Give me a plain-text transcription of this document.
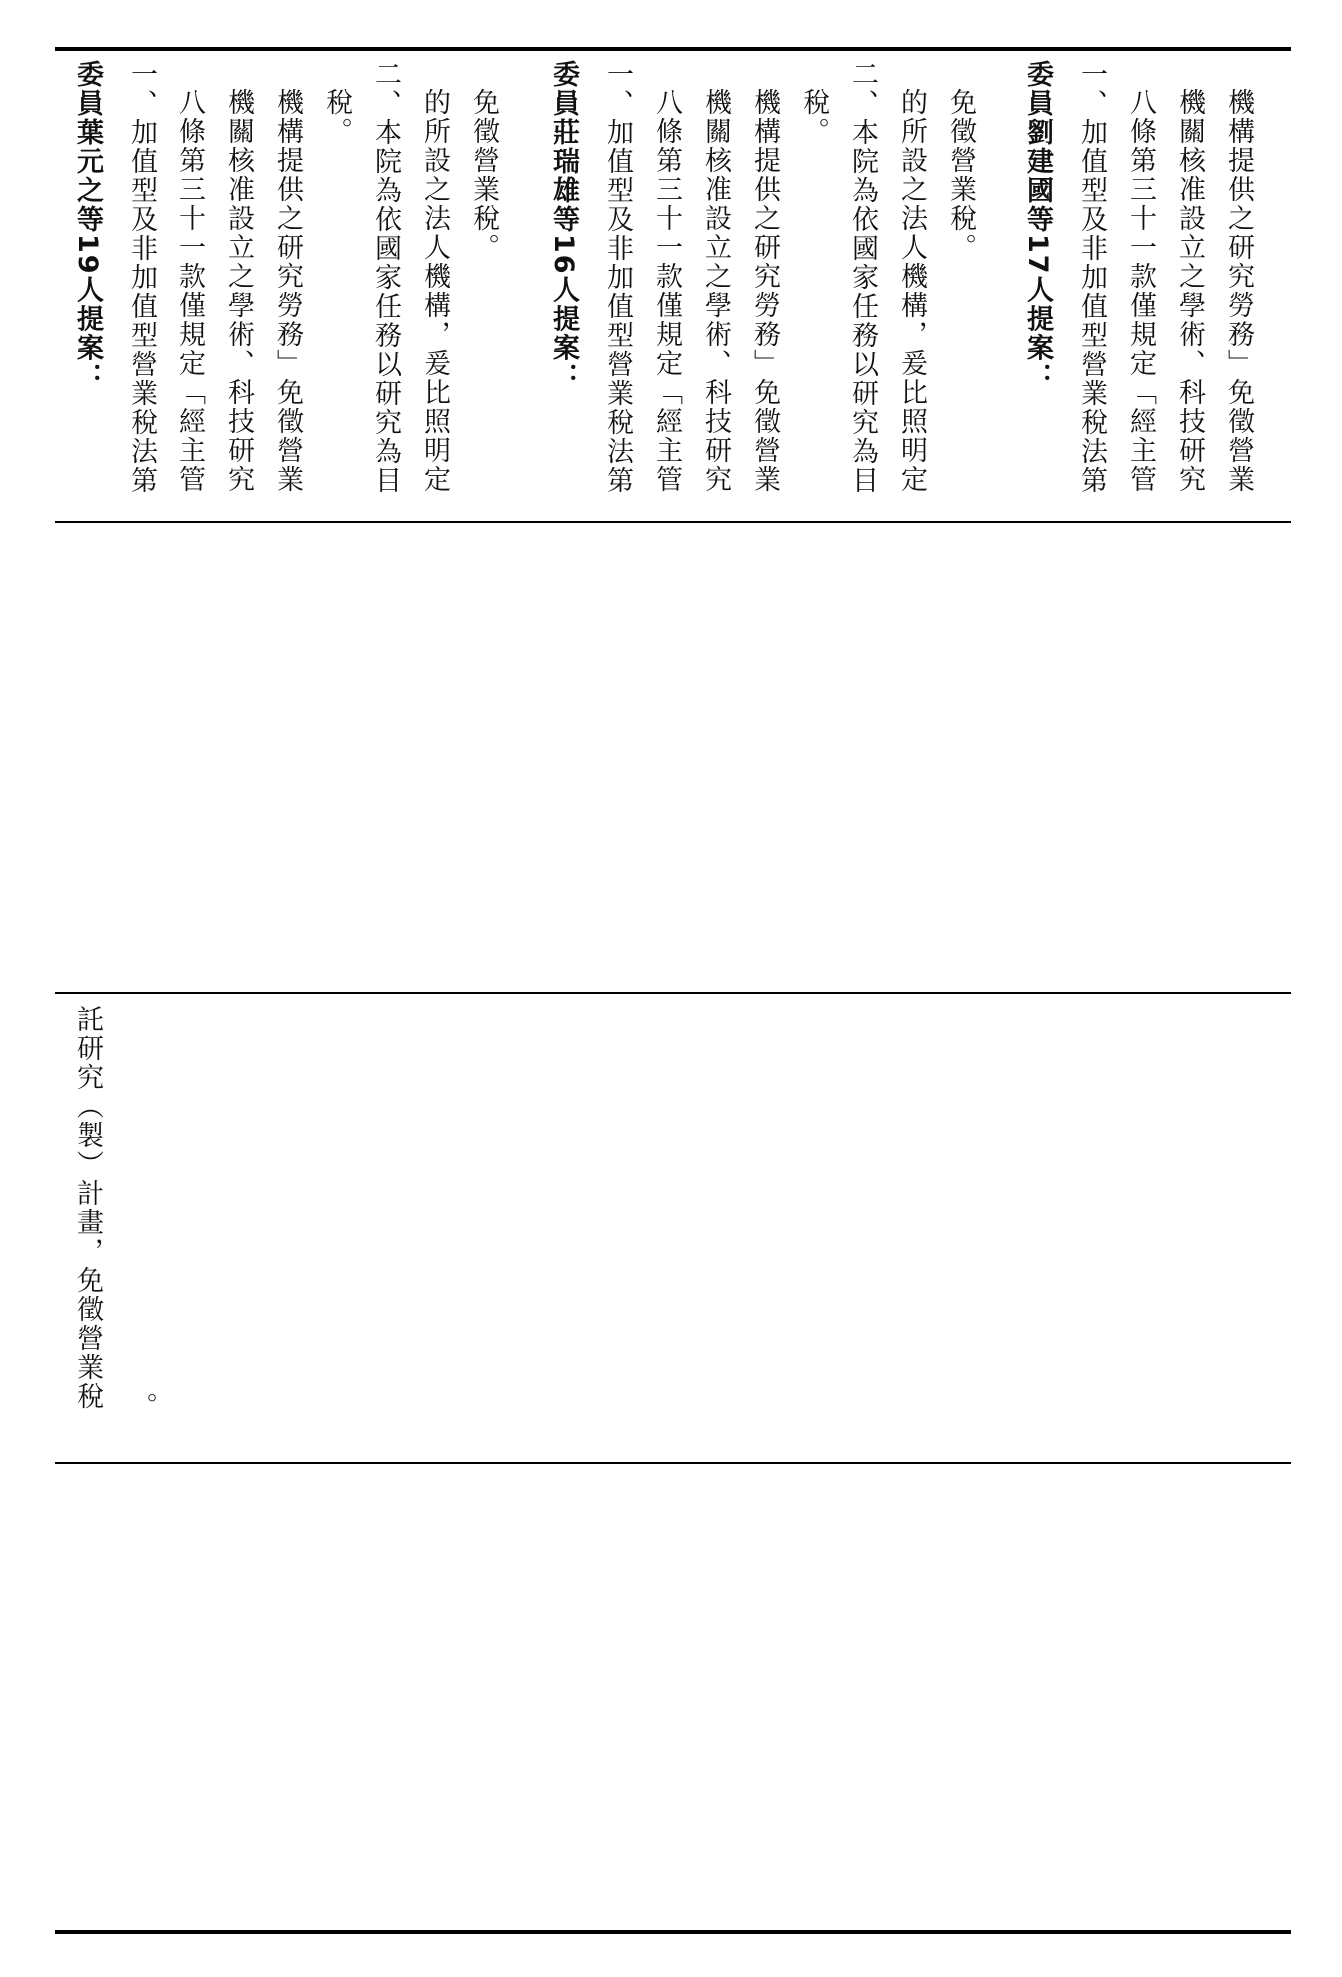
委員葉元之等19人提案： 一、加值型及非加值型營業稅法第 八條第三十一款僅規定「經主管 機關核准設立之學術、科技研究 機構提供之研究勞務」免徵營業 稅。 二、本院為依國家任務以研究為目 的所設之法人機構，爰比照明定 免徵營業稅。 委員莊瑞雄等16人提案： 一、加值型及非加值型營業稅法第 八條第三十一款僅規定「經主管 機關核准設立之學術、科技研究 機構提供之研究勞務」免徵營業 稅。 二、本院為依國家任務以研究為目 的所設之法人機構，爰比照明定 免徵營業稅。 委員劉建國等17人提案： 一、加值型及非加值型營業稅法第 八條第三十一款僅規定「經主管 機關核准設立之學術、科技研究 機構提供之研究勞務」免徵營業
託研究（製）計畫，免徵營業稅 。
